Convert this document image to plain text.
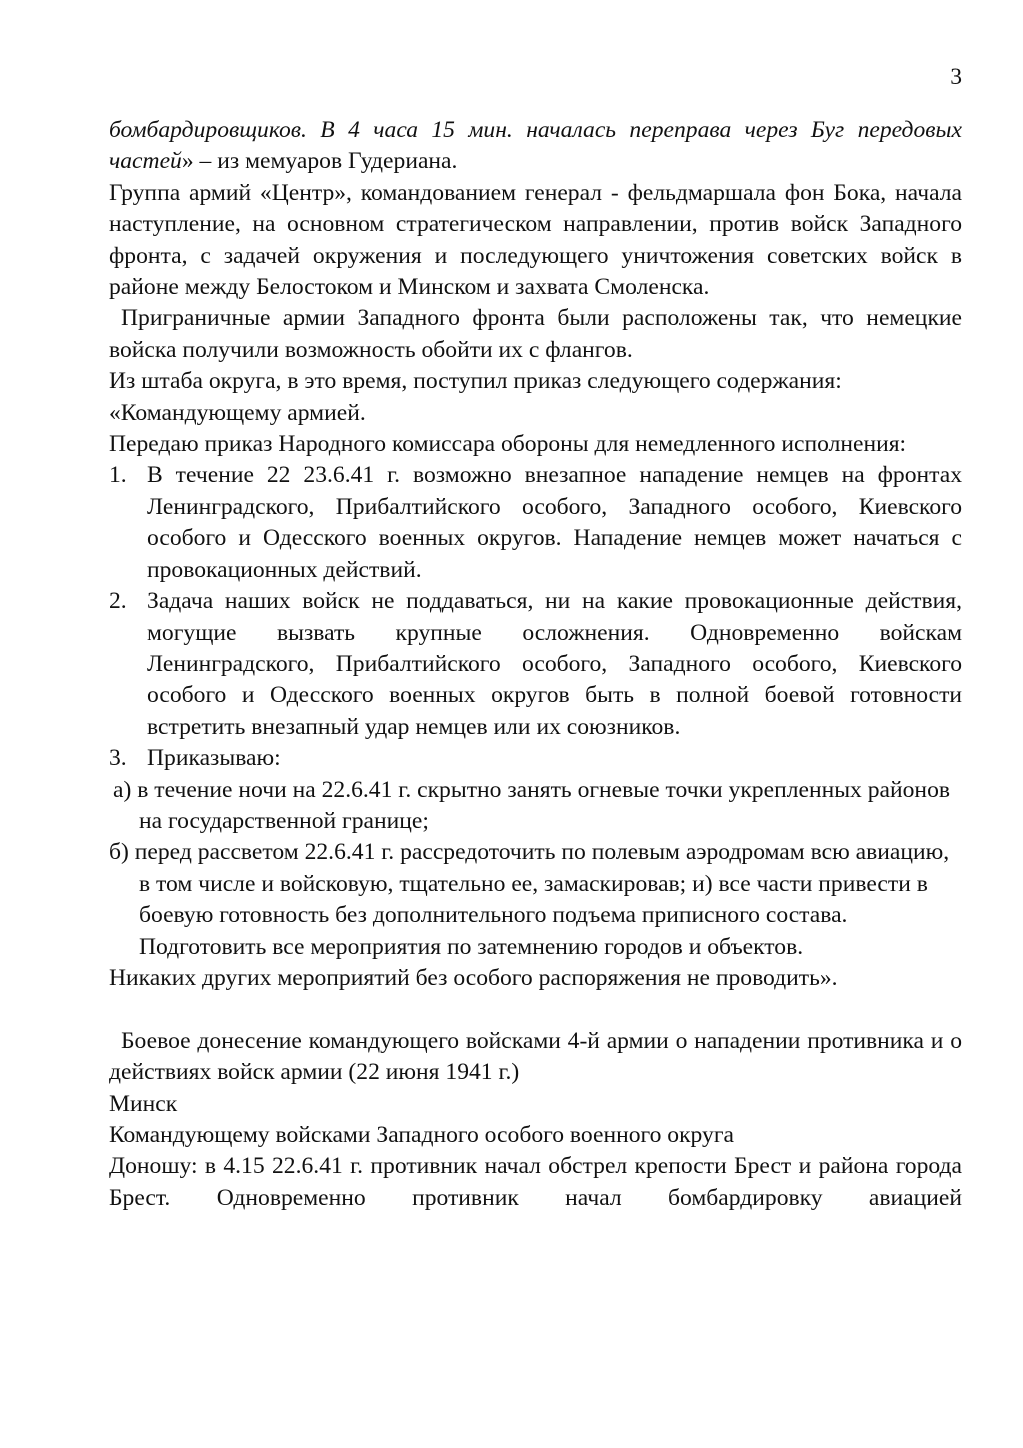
3

бомбардировщиков. В 4 часа 15 мин. началась переправа через Буг передовых частей» – из мемуаров Гудериана.

Группа армий «Центр», командованием генерал - фельдмаршала фон Бока, начала наступление, на основном стратегическом направлении, против войск Западного фронта, с задачей окружения и последующего уничтожения советских войск в районе между Белостоком и Минском и захвата Смоленска.

Приграничные армии Западного фронта были расположены так, что немецкие войска получили возможность обойти их с флангов.

Из штаба округа, в это время, поступил приказ следующего содержания:

«Командующему армией.

Передаю приказ Народного комиссара обороны для немедленного исполнения:

1. В течение 22 23.6.41 г. возможно внезапное нападение немцев на фронтах Ленинградского, Прибалтийского особого, Западного особого, Киевского особого и Одесского военных округов. Нападение немцев может начаться с провокационных действий.
2. Задача наших войск не поддаваться, ни на какие провокационные действия, могущие вызвать крупные осложнения. Одновременно войскам Ленинградского, Прибалтийского особого, Западного особого, Киевского особого и Одесского военных округов быть в полной боевой готовности встретить внезапный удар немцев или их союзников.
3. Приказываю:

а) в течение ночи на 22.6.41 г. скрытно занять огневые точки укрепленных районов на государственной границе;

б) перед рассветом 22.6.41 г. рассредоточить по полевым аэродромам всю авиацию, в том числе и войсковую, тщательно ее, замаскировав; и) все части привести в боевую готовность без дополнительного подъема приписного состава. Подготовить все мероприятия по затемнению городов и объектов.

Никаких других мероприятий без особого распоряжения не проводить».

Боевое донесение командующего войсками 4-й армии о нападении противника и о действиях войск армии (22 июня 1941 г.)

Минск

Командующему войсками Западного особого военного округа

Доношу: в 4.15 22.6.41 г. противник начал обстрел крепости Брест и района города Брест. Одновременно противник начал бомбардировку авиацией
